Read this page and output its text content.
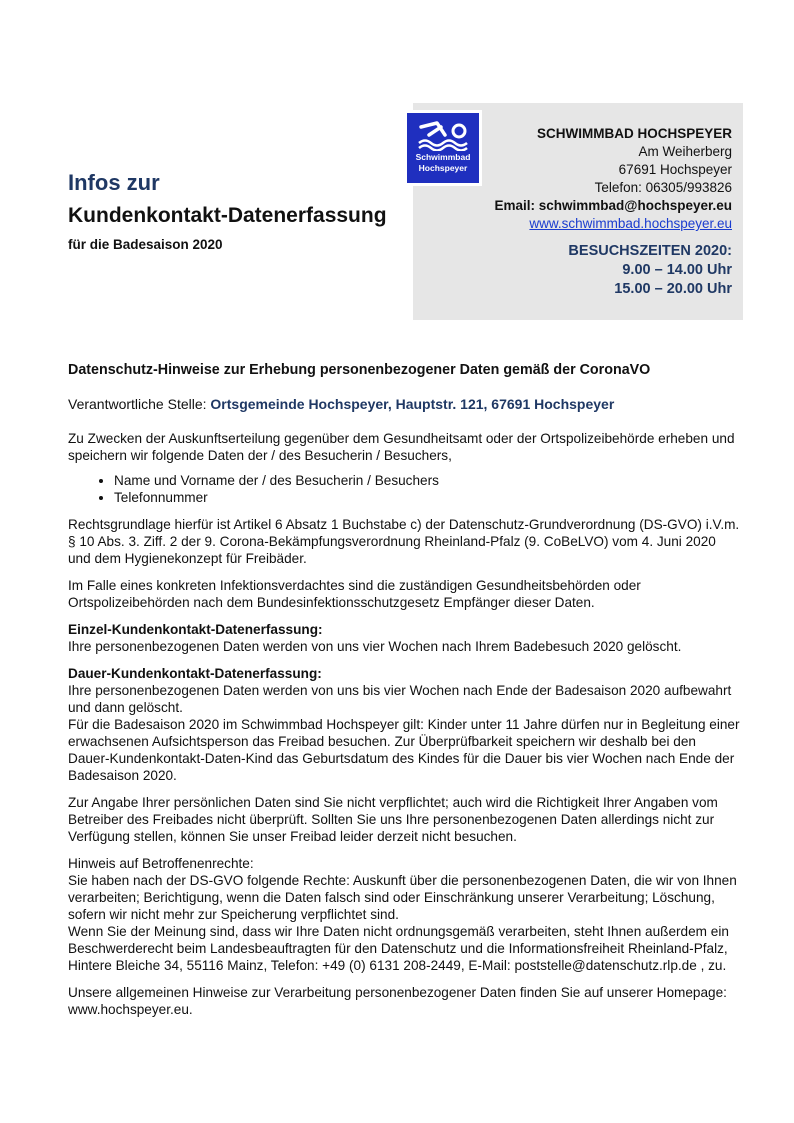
Infos zur
Kundenkontakt-Datenerfassung
für die Badesaison 2020
Schwimmbad
Hochspeyer
SCHWIMMBAD HOCHSPEYER
Am Weiherberg
67691 Hochspeyer
Telefon: 06305/993826
Email: schwimmbad@hochspeyer.eu
www.schwimmbad.hochspeyer.eu
BESUCHSZEITEN 2020:
9.00 – 14.00 Uhr
15.00 – 20.00 Uhr
Datenschutz-Hinweise zur Erhebung personenbezogener Daten gemäß der CoronaVO
Verantwortliche Stelle: Ortsgemeinde Hochspeyer, Hauptstr. 121, 67691 Hochspeyer

Zu Zwecken der Auskunftserteilung gegenüber dem Gesundheitsamt oder der Ortspolizeibehörde erheben und speichern wir folgende Daten der / des Besucherin / Besuchers,

• Name und Vorname der / des Besucherin / Besuchers
• Telefonnummer

Rechtsgrundlage hierfür ist Artikel 6 Absatz 1 Buchstabe c) der Datenschutz-Grundverordnung (DS-GVO) i.V.m. § 10 Abs. 3. Ziff. 2 der 9. Corona-Bekämpfungsverordnung Rheinland-Pfalz (9. CoBeLVO) vom 4. Juni 2020 und dem Hygienekonzept für Freibäder.

Im Falle eines konkreten Infektionsverdachtes sind die zuständigen Gesundheitsbehörden oder Ortspolizeibehörden nach dem Bundesinfektionsschutzgesetz Empfänger dieser Daten.

Einzel-Kundenkontakt-Datenerfassung:

Ihre personenbezogenen Daten werden von uns vier Wochen nach Ihrem Badebesuch 2020 gelöscht.

Dauer-Kundenkontakt-Datenerfassung:
Ihre personenbezogenen Daten werden von uns bis vier Wochen nach Ende der Badesaison 2020 aufbewahrt und dann gelöscht.

Für die Badesaison 2020 im Schwimmbad Hochspeyer gilt: Kinder unter 11 Jahre dürfen nur in Begleitung einer erwachsenen Aufsichtsperson das Freibad besuchen. Zur Überprüfbarkeit speichern wir deshalb bei den Dauer-Kundenkontakt-Daten-Kind das Geburtsdatum des Kindes für die Dauer bis vier Wochen nach Ende der Badesaison 2020.

Zur Angabe Ihrer persönlichen Daten sind Sie nicht verpflichtet; auch wird die Richtigkeit Ihrer Angaben vom Betreiber des Freibades nicht überprüft. Sollten Sie uns Ihre personenbezogenen Daten allerdings nicht zur Verfügung stellen, können Sie unser Freibad leider derzeit nicht besuchen.

Hinweis auf Betroffenenrechte:
Sie haben nach der DS-GVO folgende Rechte: Auskunft über die personenbezogenen Daten, die wir von Ihnen verarbeiten; Berichtigung, wenn die Daten falsch sind oder Einschränkung unserer Verarbeitung; Löschung, sofern wir nicht mehr zur Speicherung verpflichtet sind.

Wenn Sie der Meinung sind, dass wir Ihre Daten nicht ordnungsgemäß verarbeiten, steht Ihnen außerdem ein Beschwerderecht beim Landesbeauftragten für den Datenschutz und die Informationsfreiheit Rheinland-Pfalz, Hintere Bleiche 34, 55116 Mainz, Telefon: +49 (0) 6131 208-2449, E-Mail: poststelle@datenschutz.rlp.de , zu.

Unsere allgemeinen Hinweise zur Verarbeitung personenbezogener Daten finden Sie auf unserer Homepage: www.hochspeyer.eu.
